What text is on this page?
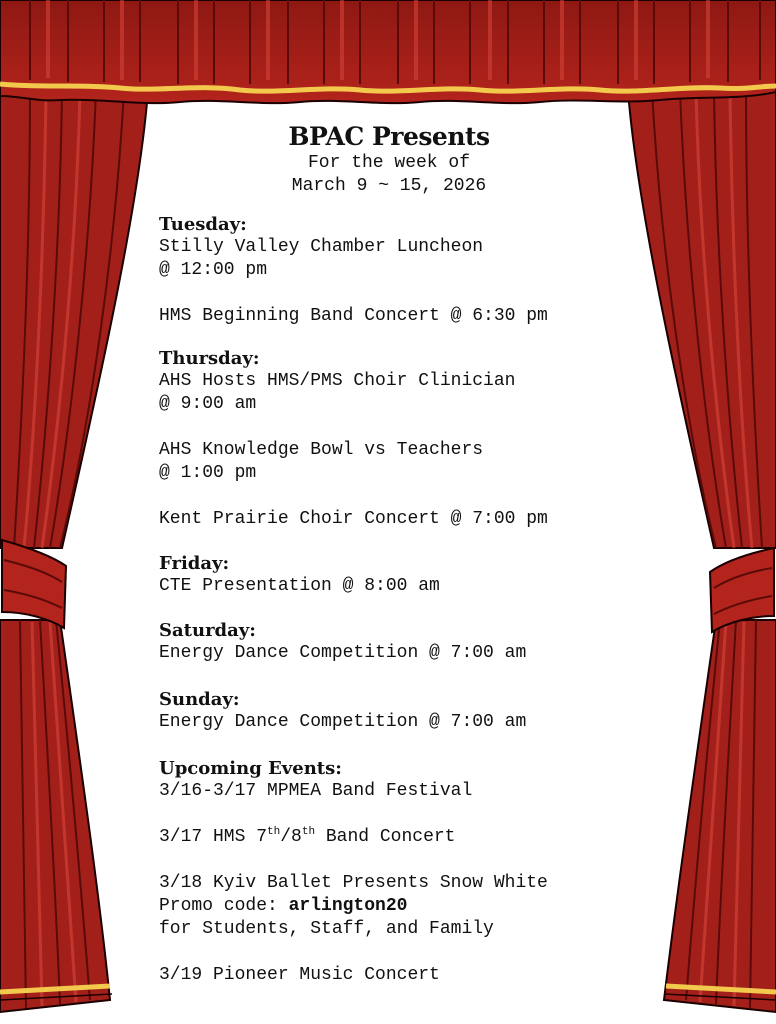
BPAC Presents

For the week of

March 9 ~ 15, 2026

Tuesday:

Stilly Valley Chamber Luncheon

@ 12:00 pm

HMS Beginning Band Concert @ 6:30 pm

Thursday:

AHS Hosts HMS/PMS Choir Clinician

@ 9:00 am

AHS Knowledge Bowl vs Teachers

@ 1:00 pm

Kent Prairie Choir Concert @ 7:00 pm

Friday:

CTE Presentation @ 8:00 am

Saturday:

Energy Dance Competition @ 7:00 am

Sunday:

Energy Dance Competition @ 7:00 am

Upcoming Events:

3/16-3/17 MPMEA Band Festival

3/17 HMS 7th/8th Band Concert

3/18 Kyiv Ballet Presents Snow White

Promo code: arlington20

for Students, Staff, and Family

3/19 Pioneer Music Concert
